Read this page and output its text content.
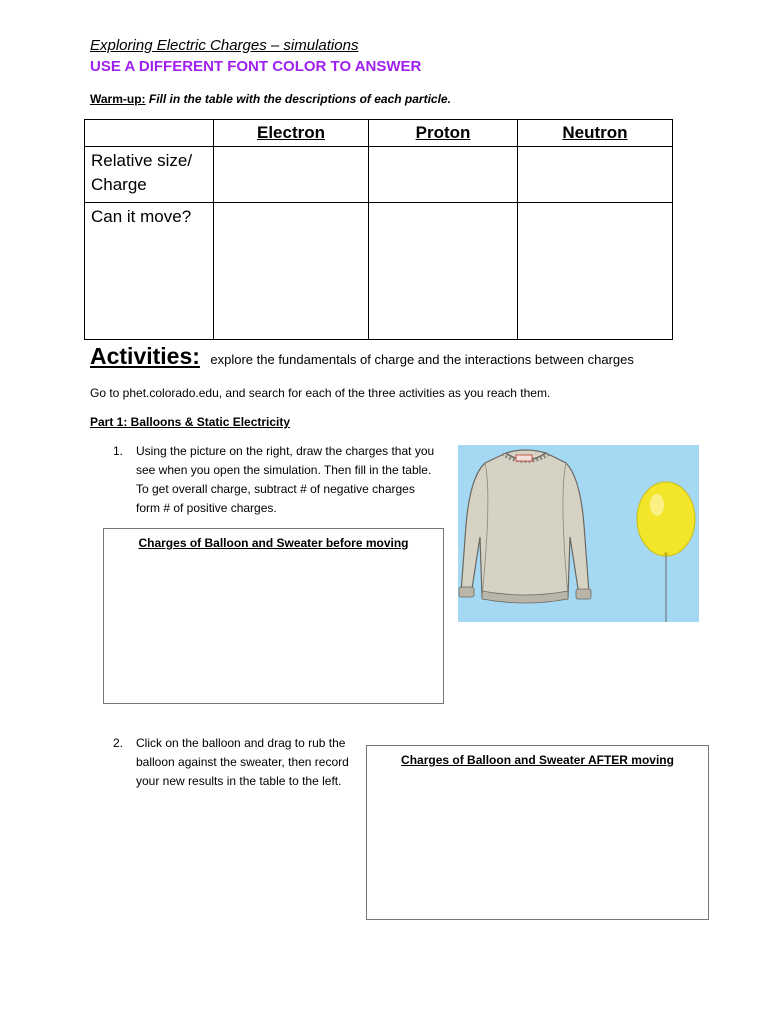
Exploring Electric Charges – simulations
USE A DIFFERENT FONT COLOR TO ANSWER
Warm-up: Fill in the table with the descriptions of each particle.
	Electron	Proton	Neutron
Relative size/ Charge			
Can it move?			
Activities: explore the fundamentals of charge and the interactions between charges
Go to phet.colorado.edu, and search for each of the three activities as you reach them.
Part 1: Balloons & Static Electricity
1. Using the picture on the right, draw the charges that you see when you open the simulation. Then fill in the table. To get overall charge, subtract # of negative charges form # of positive charges.
Charges of Balloon and Sweater before moving
2. Click on the balloon and drag to rub the balloon against the sweater, then record your new results in the table to the left.
Charges of Balloon and Sweater AFTER moving
